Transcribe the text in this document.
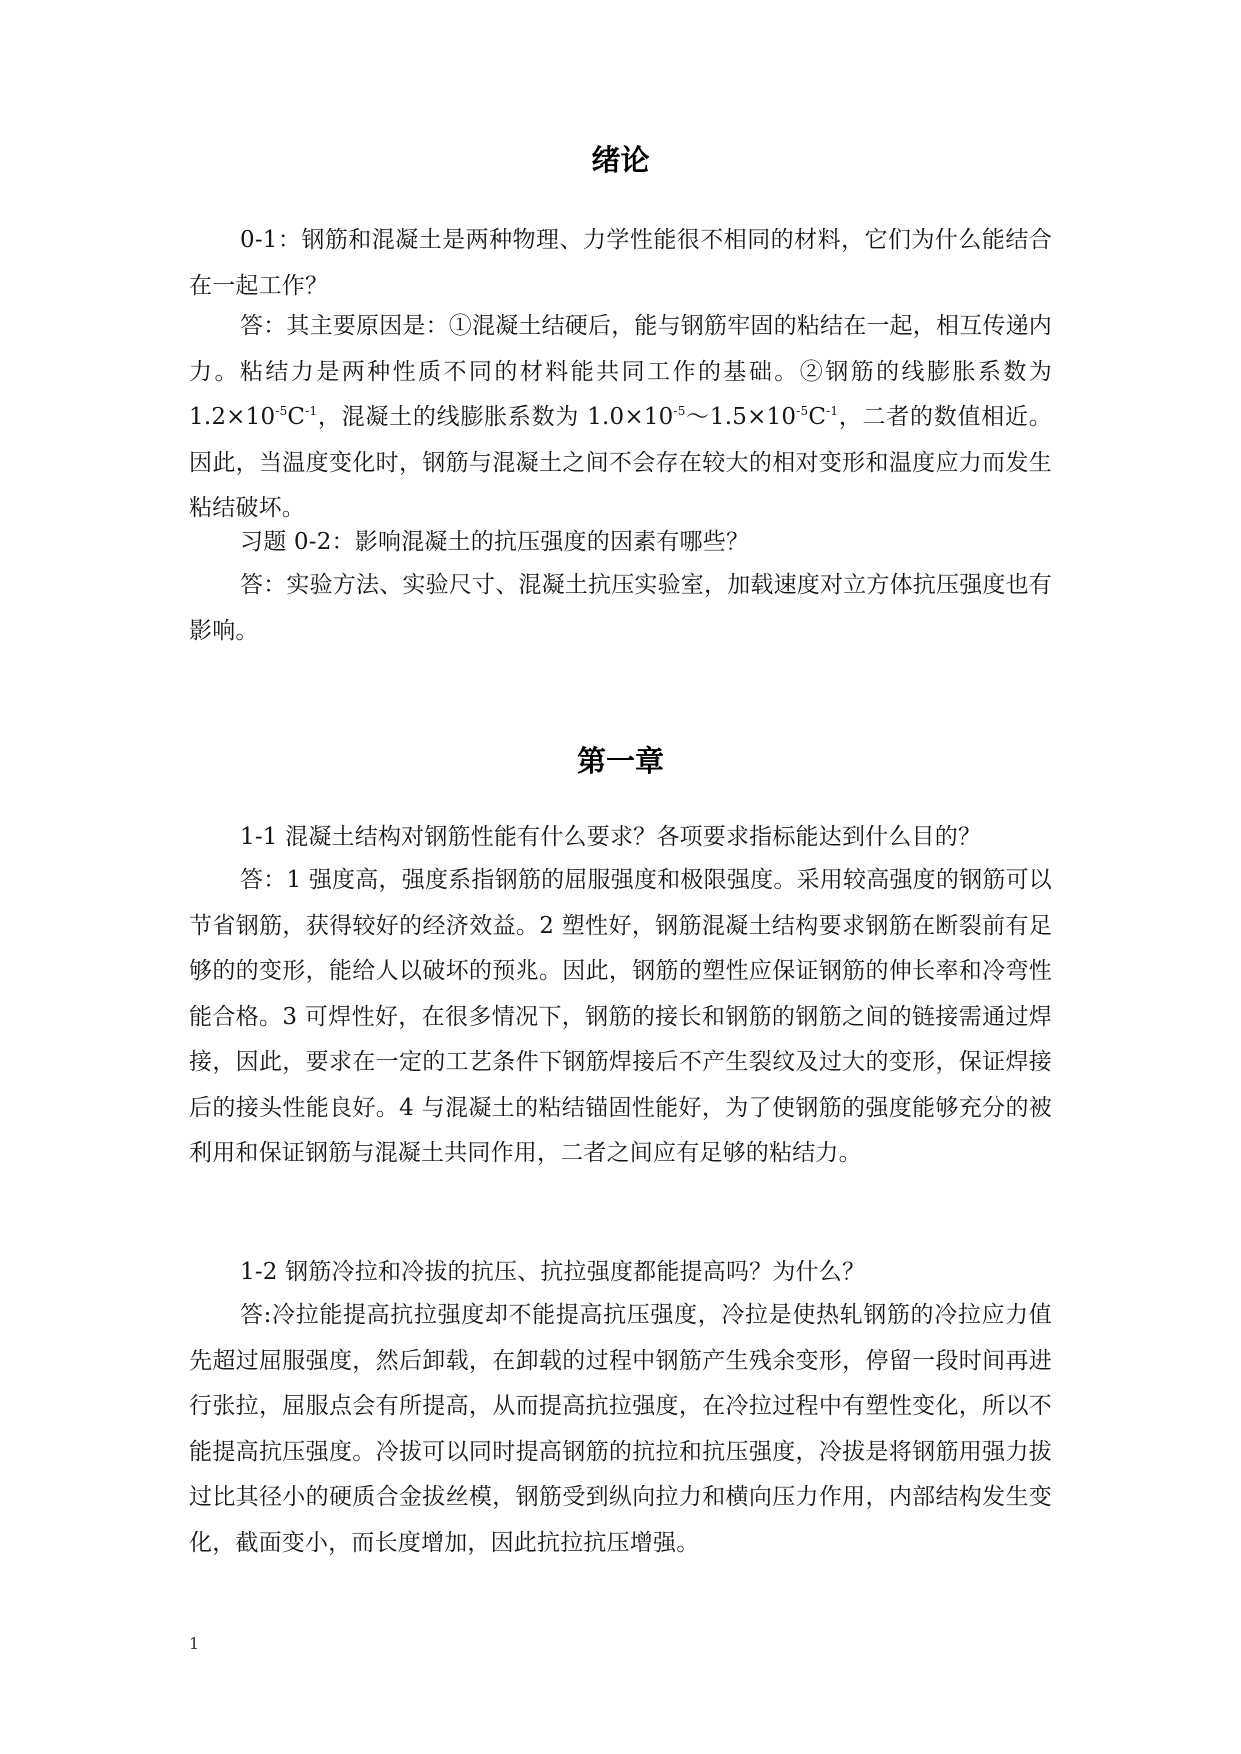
绪论

0-1：钢筋和混凝土是两种物理、力学性能很不相同的材料，它们为什么能结合在一起工作？

答：其主要原因是：①混凝土结硬后，能与钢筋牢固的粘结在一起，相互传递内力。粘结力是两种性质不同的材料能共同工作的基础。②钢筋的线膨胀系数为 $1.2\times 10^{-5}C^{-1}$，混凝土的线膨胀系数为 $1.0\times 10^{-5}\sim 1.5\times 10^{-5}C^{-1}$，二者的数值相近。因此，当温度变化时，钢筋与混凝土之间不会存在较大的相对变形和温度应力而发生粘结破坏。

习题 0-2：影响混凝土的抗压强度的因素有哪些？

答：实验方法、实验尺寸、混凝土抗压实验室，加载速度对立方体抗压强度也有影响。

第一章

1-1 混凝土结构对钢筋性能有什么要求？各项要求指标能达到什么目的？

答：1 强度高，强度系指钢筋的屈服强度和极限强度。采用较高强度的钢筋可以节省钢筋，获得较好的经济效益。2 塑性好，钢筋混凝土结构要求钢筋在断裂前有足够的的变形，能给人以破坏的预兆。因此，钢筋的塑性应保证钢筋的伸长率和冷弯性能合格。3 可焊性好，在很多情况下，钢筋的接长和钢筋的钢筋之间的链接需通过焊接，因此，要求在一定的工艺条件下钢筋焊接后不产生裂纹及过大的变形，保证焊接后的接头性能良好。4 与混凝土的粘结锚固性能好，为了使钢筋的强度能够充分的被利用和保证钢筋与混凝土共同作用，二者之间应有足够的粘结力。

1-2 钢筋冷拉和冷拔的抗压、抗拉强度都能提高吗？为什么？

答:冷拉能提高抗拉强度却不能提高抗压强度，冷拉是使热轧钢筋的冷拉应力值先超过屈服强度，然后卸载，在卸载的过程中钢筋产生残余变形，停留一段时间再进行张拉，屈服点会有所提高，从而提高抗拉强度，在冷拉过程中有塑性变化，所以不能提高抗压强度。冷拔可以同时提高钢筋的抗拉和抗压强度，冷拔是将钢筋用强力拔过比其径小的硬质合金拔丝模，钢筋受到纵向拉力和横向压力作用，内部结构发生变化，截面变小，而长度增加，因此抗拉抗压增强。

1
